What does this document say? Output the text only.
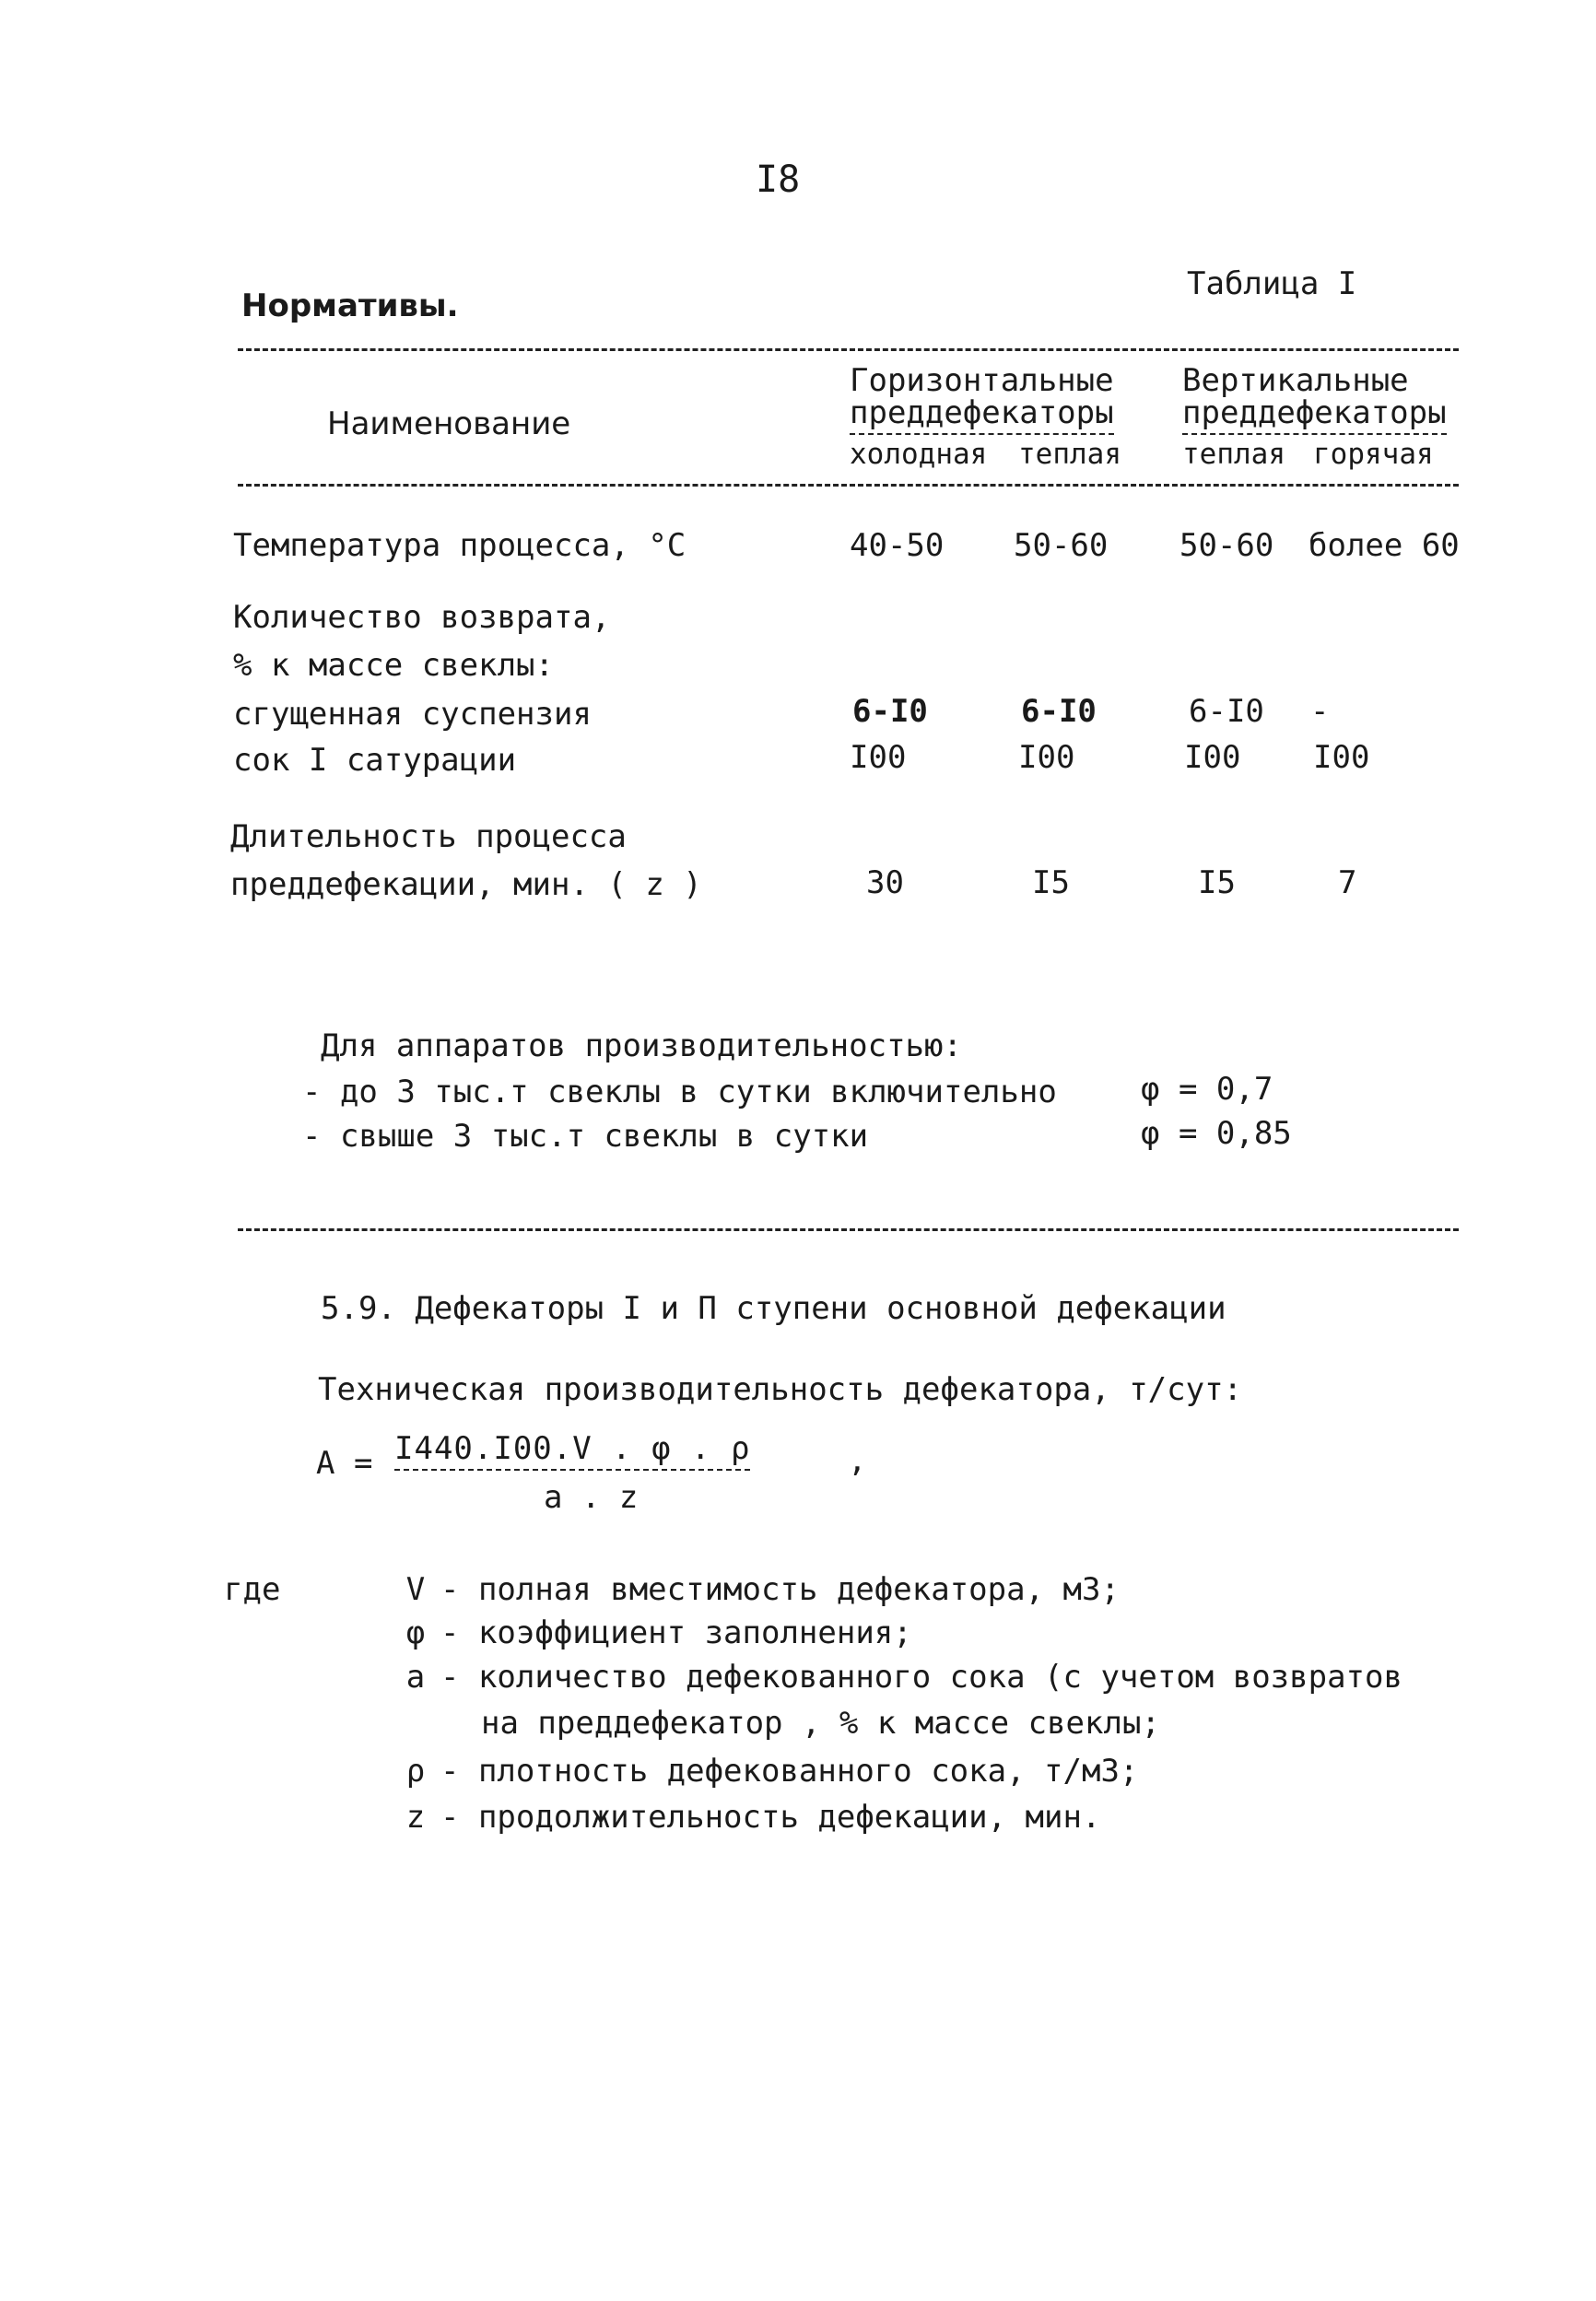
I8
Нормативы.
Таблица I
Наименование
Горизонтальные
преддефекаторы
Вертикальные
преддефекаторы
холодная теплая теплая горячая
Температура процесса, °С	40-50 50-60 50-60 более 60
Количество возврата,
% к массе свеклы:
сгущенная суспензия	6-I0	6-I0	6-I0 -
сок I сатурации	I00	I00	I00 I00
Длительность процесса
преддефекации, мин. ( z )	30	I5	I5	7
Для аппаратов производительностью:
- до 3 тыс.т свеклы в сутки включительно	φ = 0,7
- свыше 3 тыс.т свеклы в сутки	φ = 0,85
5.9. Дефекаторы I и П ступени основной дефекации
Техническая производительность дефекатора, т/сут:
А = I440.I00.V . φ . ρ	,
а . z
где	V - полная вместимость дефекатора, м3;
φ - коэффициент заполнения;
а - количество дефекованного сока (с учетом возвратов
на преддефекатор , % к массе свеклы;
ρ - плотность дефекованного сока, т/м3;
z - продолжительность дефекации, мин.
